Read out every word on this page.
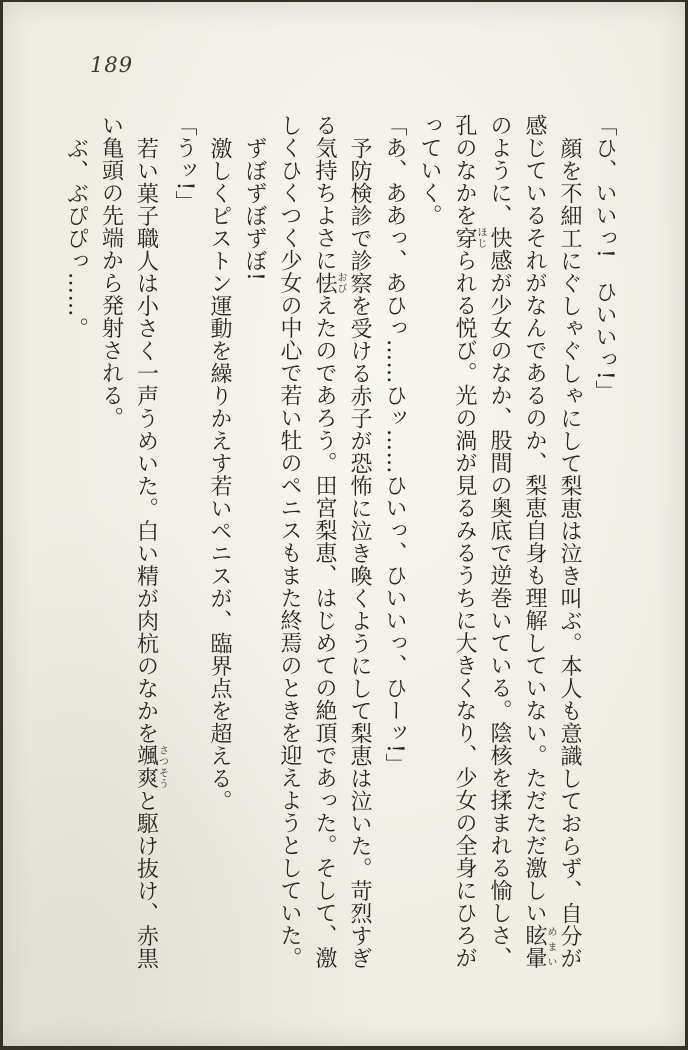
189

「ひ、いいっ!　ひいいっ!」

顔を不細工にぐしゃぐしゃにして梨恵は泣き叫ぶ。本人も意識しておらず、自分が感じているそれがなんであるのか、梨恵自身も理解していない。ただただ激しい眩暈めまいのように、快感が少女のなか、股間の奥底で逆巻いている。陰核を揉まれる愉しさ、孔のなかを穿ほじられる悦び。光の渦が見るみるうちに大きくなり、少女の全身にひろがっていく。

「あ、ああっ、あひっ……ひッ……ひいっ、ひいいっ、ひーッ!」

予防検診で診察を受ける赤子が恐怖に泣き喚くようにして梨恵は泣いた。苛烈すぎる気持ちよさに怯おびえたのであろう。田宮梨恵、はじめての絶頂であった。そして、激しくひくつく少女の中心で若い牡のペニスもまた終焉のときを迎えようとしていた。

ずぼずぼずぼ!

激しくピストン運動を繰りかえす若いペニスが、臨界点を超える。

「うッ!」

若い菓子職人は小さく一声うめいた。白い精が肉杭のなかを颯爽さつそうと駆け抜け、赤黒い亀頭の先端から発射される。

ぶ、ぶぴぴっ……。
